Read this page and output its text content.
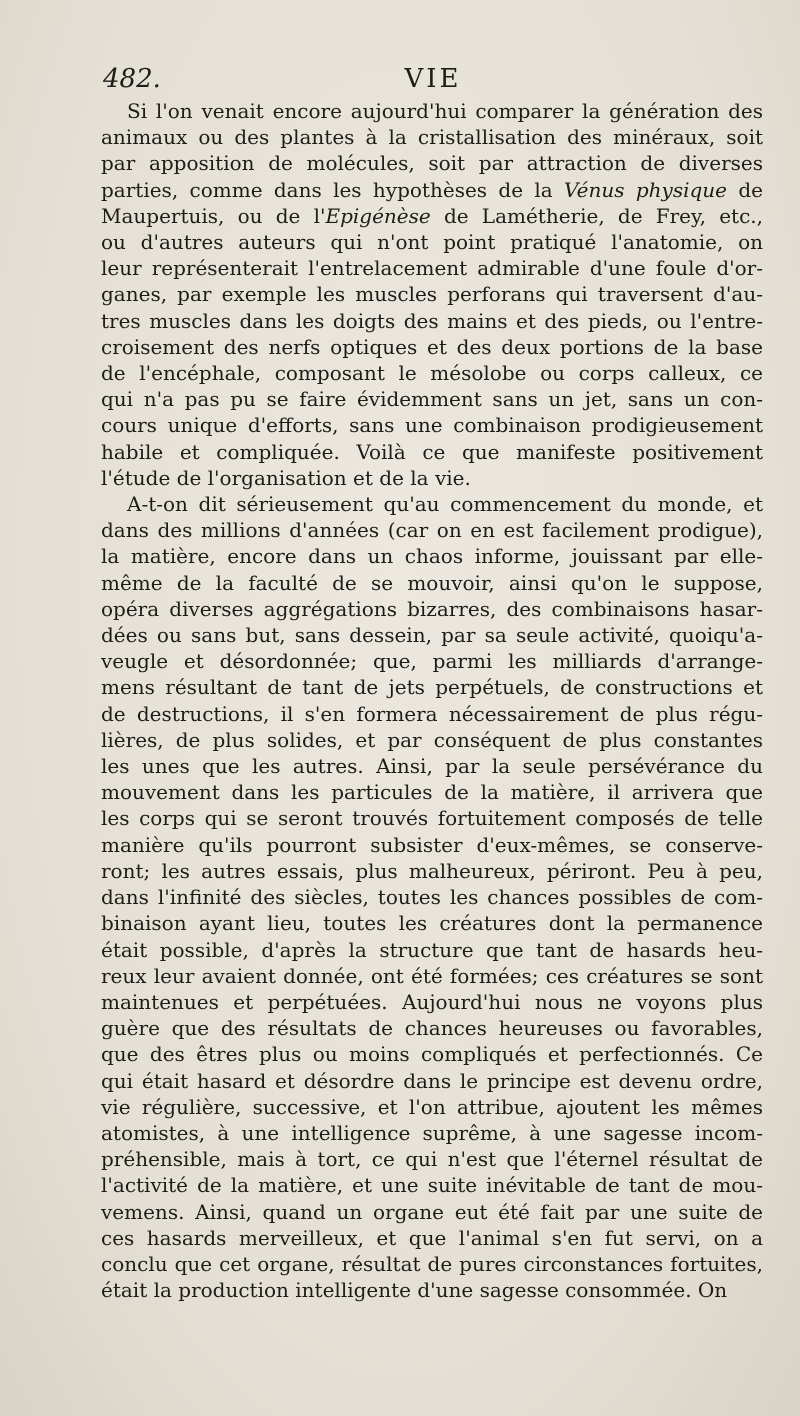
482.	VIE
Si l'on venait encore aujourd'hui comparer la génération des
animaux ou des plantes à la cristallisation des minéraux, soit
par apposition de molécules, soit par attraction de diverses
parties, comme dans les hypothèses de la Vénus physique de
Maupertuis, ou de l'Epigénèse de Lamétherie, de Frey, etc.,
ou d'autres auteurs qui n'ont point pratiqué l'anatomie, on
leur représenterait l'entrelacement admirable d'une foule d'or-
ganes, par exemple les muscles perforans qui traversent d'au-
tres muscles dans les doigts des mains et des pieds, ou l'entre-
croisement des nerfs optiques et des deux portions de la base
de l'encéphale, composant le mésolobe ou corps calleux, ce
qui n'a pas pu se faire évidemment sans un jet, sans un con-
cours unique d'efforts, sans une combinaison prodigieusement
habile et compliquée. Voilà ce que manifeste positivement
l'étude de l'organisation et de la vie.
A-t-on dit sérieusement qu'au commencement du monde, et
dans des millions d'années (car on en est facilement prodigue),
la matière, encore dans un chaos informe, jouissant par elle-
même de la faculté de se mouvoir, ainsi qu'on le suppose,
opéra diverses aggrégations bizarres, des combinaisons hasar-
dées ou sans but, sans dessein, par sa seule activité, quoiqu'a-
veugle et désordonnée; que, parmi les milliards d'arrange-
mens résultant de tant de jets perpétuels, de constructions et
de destructions, il s'en formera nécessairement de plus régu-
lières, de plus solides, et par conséquent de plus constantes
les unes que les autres. Ainsi, par la seule persévérance du
mouvement dans les particules de la matière, il arrivera que
les corps qui se seront trouvés fortuitement composés de telle
manière qu'ils pourront subsister d'eux-mêmes, se conserve-
ront; les autres essais, plus malheureux, périront. Peu à peu,
dans l'infinité des siècles, toutes les chances possibles de com-
binaison ayant lieu, toutes les créatures dont la permanence
était possible, d'après la structure que tant de hasards heu-
reux leur avaient donnée, ont été formées; ces créatures se sont
maintenues et perpétuées. Aujourd'hui nous ne voyons plus
guère que des résultats de chances heureuses ou favorables,
que des êtres plus ou moins compliqués et perfectionnés. Ce
qui était hasard et désordre dans le principe est devenu ordre,
vie régulière, successive, et l'on attribue, ajoutent les mêmes
atomistes, à une intelligence suprême, à une sagesse incom-
préhensible, mais à tort, ce qui n'est que l'éternel résultat de
l'activité de la matière, et une suite inévitable de tant de mou-
vemens. Ainsi, quand un organe eut été fait par une suite de
ces hasards merveilleux, et que l'animal s'en fut servi, on a
conclu que cet organe, résultat de pures circonstances fortuites,
était la production intelligente d'une sagesse consommée. On
